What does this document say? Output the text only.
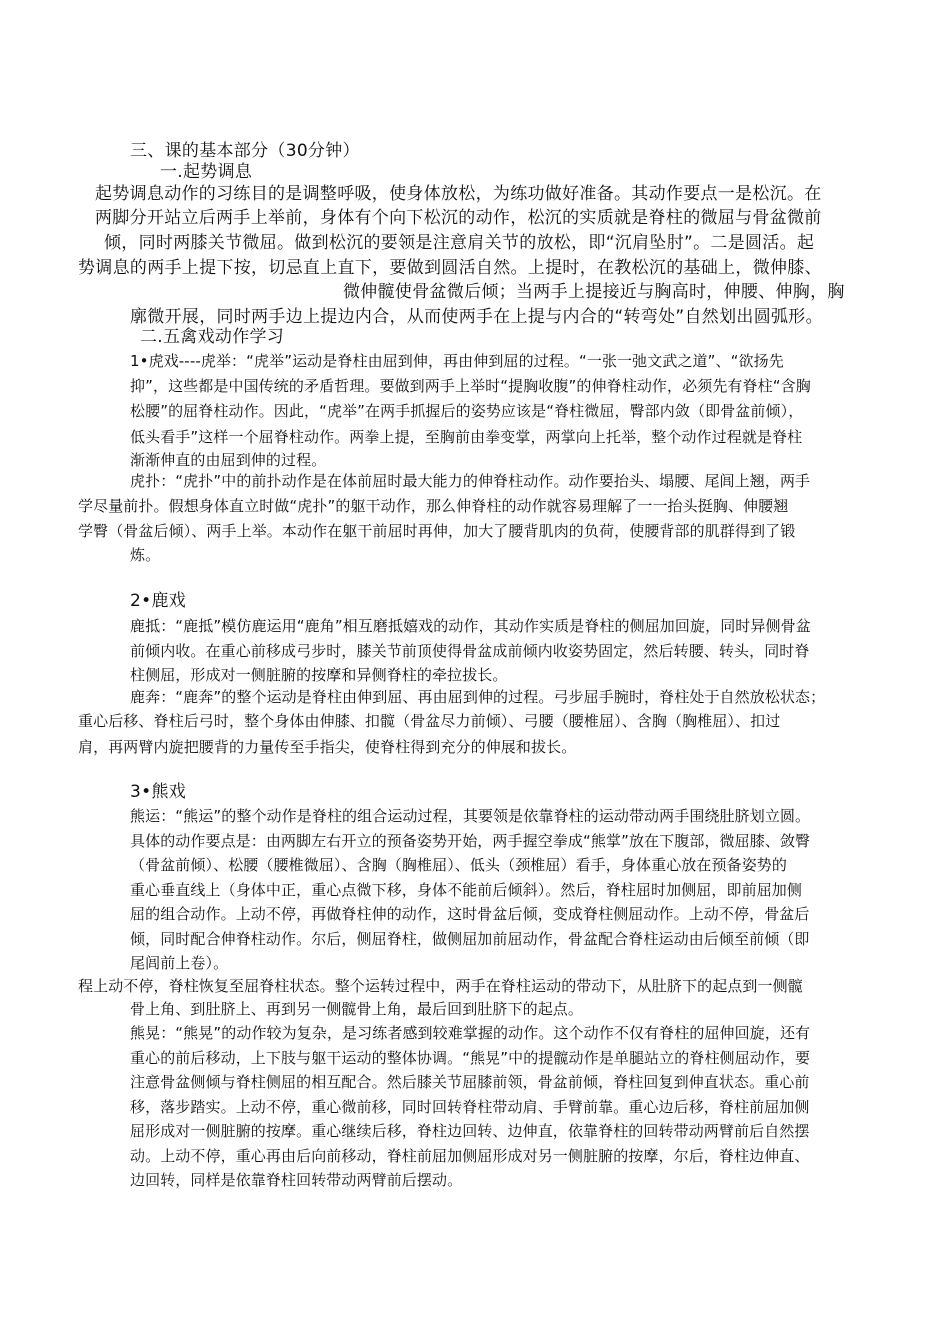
三、课的基本部分（30分钟）
一.起势调息
起势调息动作的习练目的是调整呼吸，使身体放松，为练功做好准备。其动作要点一是松沉。在
两脚分开站立后两手上举前，身体有个向下松沉的动作，松沉的实质就是脊柱的微屈与骨盆微前
倾，同时两膝关节微屈。做到松沉的要领是注意肩关节的放松，即“沉肩坠肘”。二是圆活。起
势调息的两手上提下按，切忌直上直下，要做到圆活自然。上提时，在教松沉的基础上，微伸膝、
微伸髋使骨盆微后倾；当两手上提接近与胸高时，伸腰、伸胸，胸
廓微开展，同时两手边上提边内合，从而使两手在上提与内合的“转弯处”自然划出圆弧形。
二.五禽戏动作学习
1•虎戏----虎举：“虎举”运动是脊柱由屈到伸，再由伸到屈的过程。“一张一弛文武之道”、“欲扬先
抑”，这些都是中国传统的矛盾哲理。要做到两手上举时“提胸收腹”的伸脊柱动作，必须先有脊柱“含胸
松腰”的屈脊柱动作。因此，“虎举”在两手抓握后的姿势应该是“脊柱微屈，臀部内敛（即骨盆前倾），
低头看手”这样一个屈脊柱动作。两拳上提，至胸前由拳变掌，两掌向上托举，整个动作过程就是脊柱
渐渐伸直的由屈到伸的过程。
虎扑：“虎扑”中的前扑动作是在体前屈时最大能力的伸脊柱动作。动作要抬头、塌腰、尾闾上翘，两手
学尽量前扑。假想身体直立时做“虎扑”的躯干动作，那么伸脊柱的动作就容易理解了一一抬头挺胸、伸腰翘
学臀（骨盆后倾）、两手上举。本动作在躯干前屈时再伸，加大了腰背肌肉的负荷，使腰背部的肌群得到了锻
炼。
2•鹿戏
鹿抵：“鹿抵”模仿鹿运用“鹿角”相互磨抵嬉戏的动作，其动作实质是脊柱的侧屈加回旋，同时异侧骨盆
前倾内收。在重心前移成弓步时，膝关节前顶使得骨盆成前倾内收姿势固定，然后转腰、转头，同时脊
柱侧屈，形成对一侧脏腑的按摩和异侧脊柱的牵拉拔长。
鹿奔：“鹿奔”的整个运动是脊柱由伸到屈、再由屈到伸的过程。弓步屈手腕时，脊柱处于自然放松状态；
重心后移、脊柱后弓时，整个身体由伸膝、扣髋（骨盆尽力前倾）、弓腰（腰椎屈）、含胸（胸椎屈）、扣过
肩，再两臂内旋把腰背的力量传至手指尖，使脊柱得到充分的伸展和拔长。
3•熊戏
熊运：“熊运”的整个动作是脊柱的组合运动过程，其要领是依靠脊柱的运动带动两手围绕肚脐划立圆。
具体的动作要点是：由两脚左右开立的预备姿势开始，两手握空拳成“熊掌”放在下腹部，微屈膝、敛臀
（骨盆前倾）、松腰（腰椎微屈）、含胸（胸椎屈）、低头（颈椎屈）看手，身体重心放在预备姿势的
重心垂直线上（身体中正，重心点微下移，身体不能前后倾斜）。然后，脊柱屈时加侧屈，即前屈加侧
屈的组合动作。上动不停，再做脊柱伸的动作，这时骨盆后倾，变成脊柱侧屈动作。上动不停，骨盆后
倾，同时配合伸脊柱动作。尔后，侧屈脊柱，做侧屈加前屈动作，骨盆配合脊柱运动由后倾至前倾（即
尾闾前上卷）。
程上动不停，脊柱恢复至屈脊柱状态。整个运转过程中，两手在脊柱运动的带动下，从肚脐下的起点到一侧髋
骨上角、到肚脐上、再到另一侧髋骨上角，最后回到肚脐下的起点。
熊晃：“熊晃”的动作较为复杂，是习练者感到较难掌握的动作。这个动作不仅有脊柱的屈伸回旋，还有
重心的前后移动，上下肢与躯干运动的整体协调。“熊晃”中的提髋动作是单腿站立的脊柱侧屈动作，要
注意骨盆侧倾与脊柱侧屈的相互配合。然后膝关节屈膝前领，骨盆前倾，脊柱回复到伸直状态。重心前
移，落步踏实。上动不停，重心微前移，同时回转脊柱带动肩、手臂前靠。重心边后移，脊柱前屈加侧
屈形成对一侧脏腑的按摩。重心继续后移，脊柱边回转、边伸直，依靠脊柱的回转带动两臂前后自然摆
动。上动不停，重心再由后向前移动，脊柱前屈加侧屈形成对另一侧脏腑的按摩，尔后，脊柱边伸直、
边回转，同样是依靠脊柱回转带动两臂前后摆动。
